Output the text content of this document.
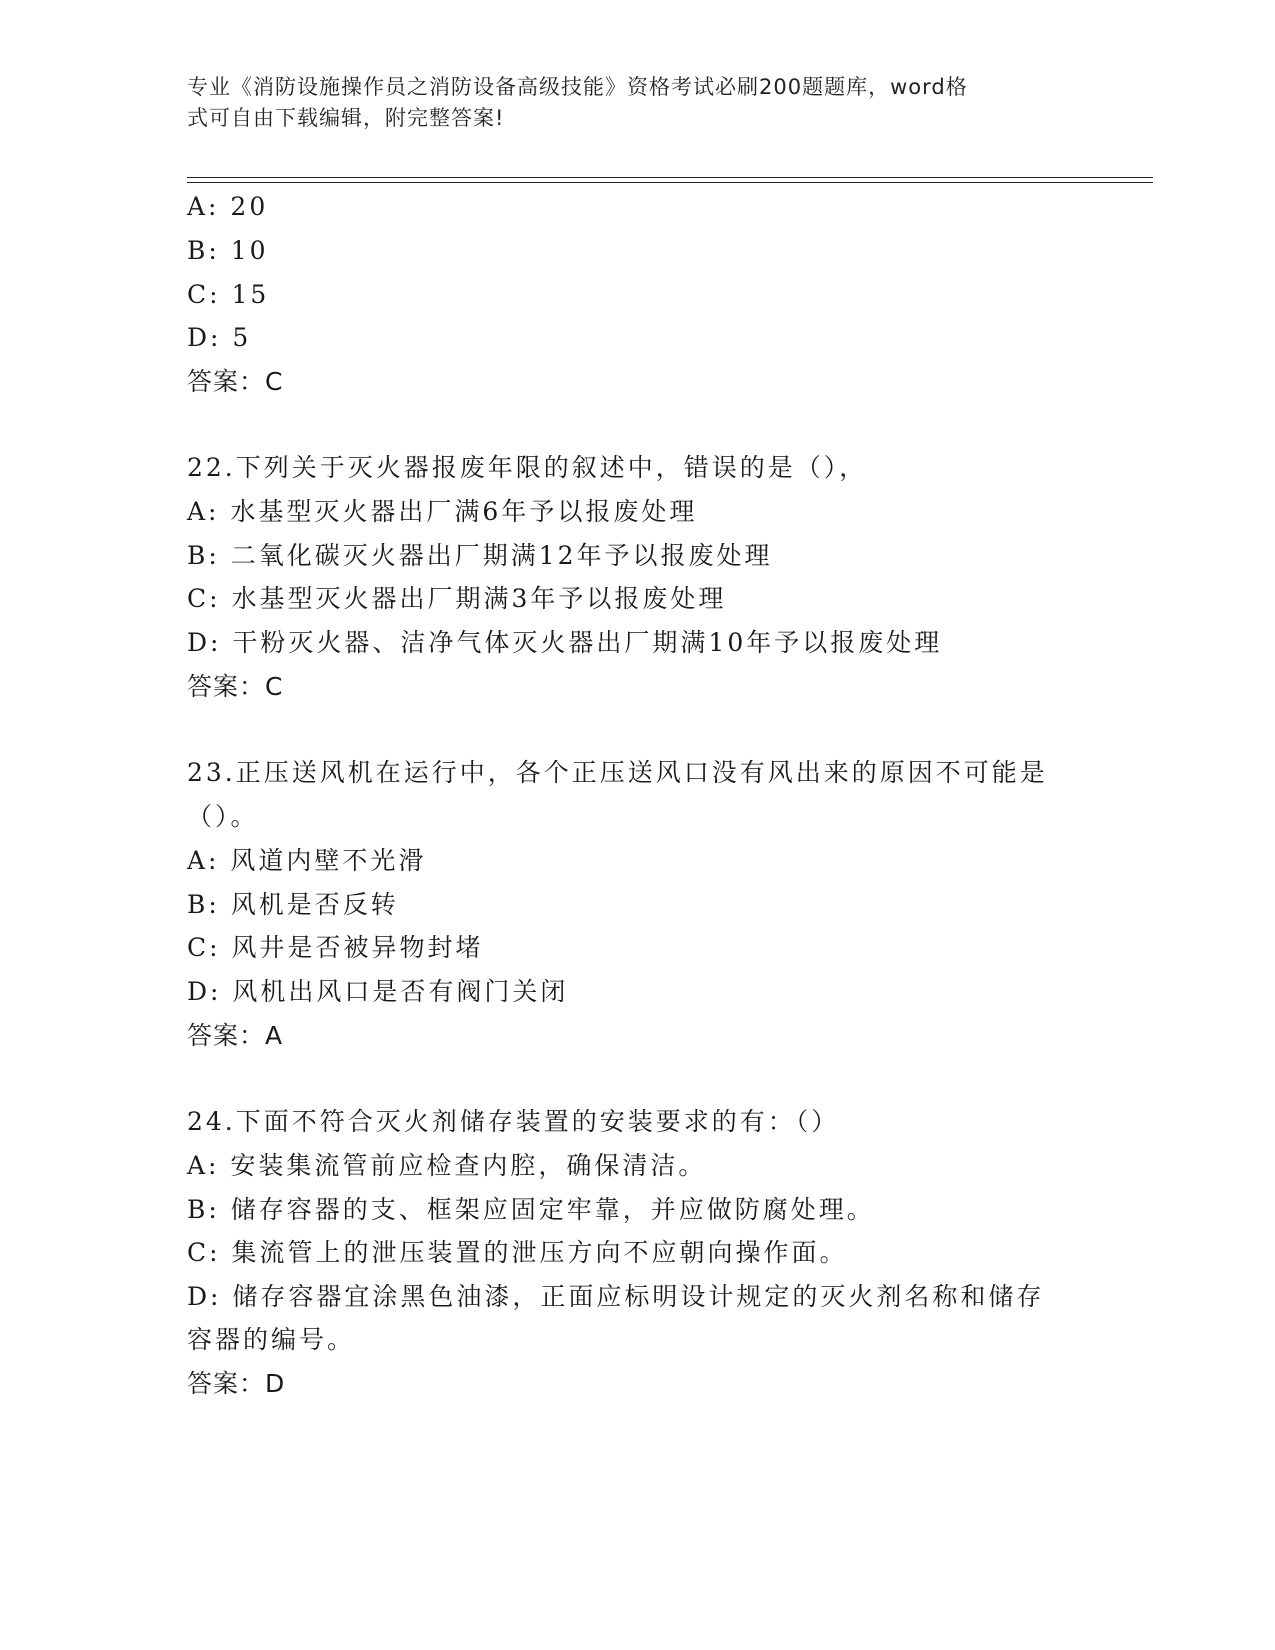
专业《消防设施操作员之消防设备高级技能》资格考试必刷200题题库，word格
式可自由下载编辑，附完整答案!
A: 20
B: 10
C: 15
D: 5
答案：C
22.下列关于灭火器报废年限的叙述中，错误的是（），
A: 水基型灭火器出厂满6年予以报废处理
B: 二氧化碳灭火器出厂期满12年予以报废处理
C: 水基型灭火器出厂期满3年予以报废处理
D: 干粉灭火器、洁净气体灭火器出厂期满10年予以报废处理
答案：C
23.正压送风机在运行中，各个正压送风口没有风出来的原因不可能是
（）。
A: 风道内壁不光滑
B: 风机是否反转
C: 风井是否被异物封堵
D: 风机出风口是否有阀门关闭
答案：A
24.下面不符合灭火剂储存装置的安装要求的有：（）
A: 安装集流管前应检查内腔，确保清洁。
B: 储存容器的支、框架应固定牢靠，并应做防腐处理。
C: 集流管上的泄压装置的泄压方向不应朝向操作面。
D: 储存容器宜涂黑色油漆，正面应标明设计规定的灭火剂名称和储存
容器的编号。
答案：D
